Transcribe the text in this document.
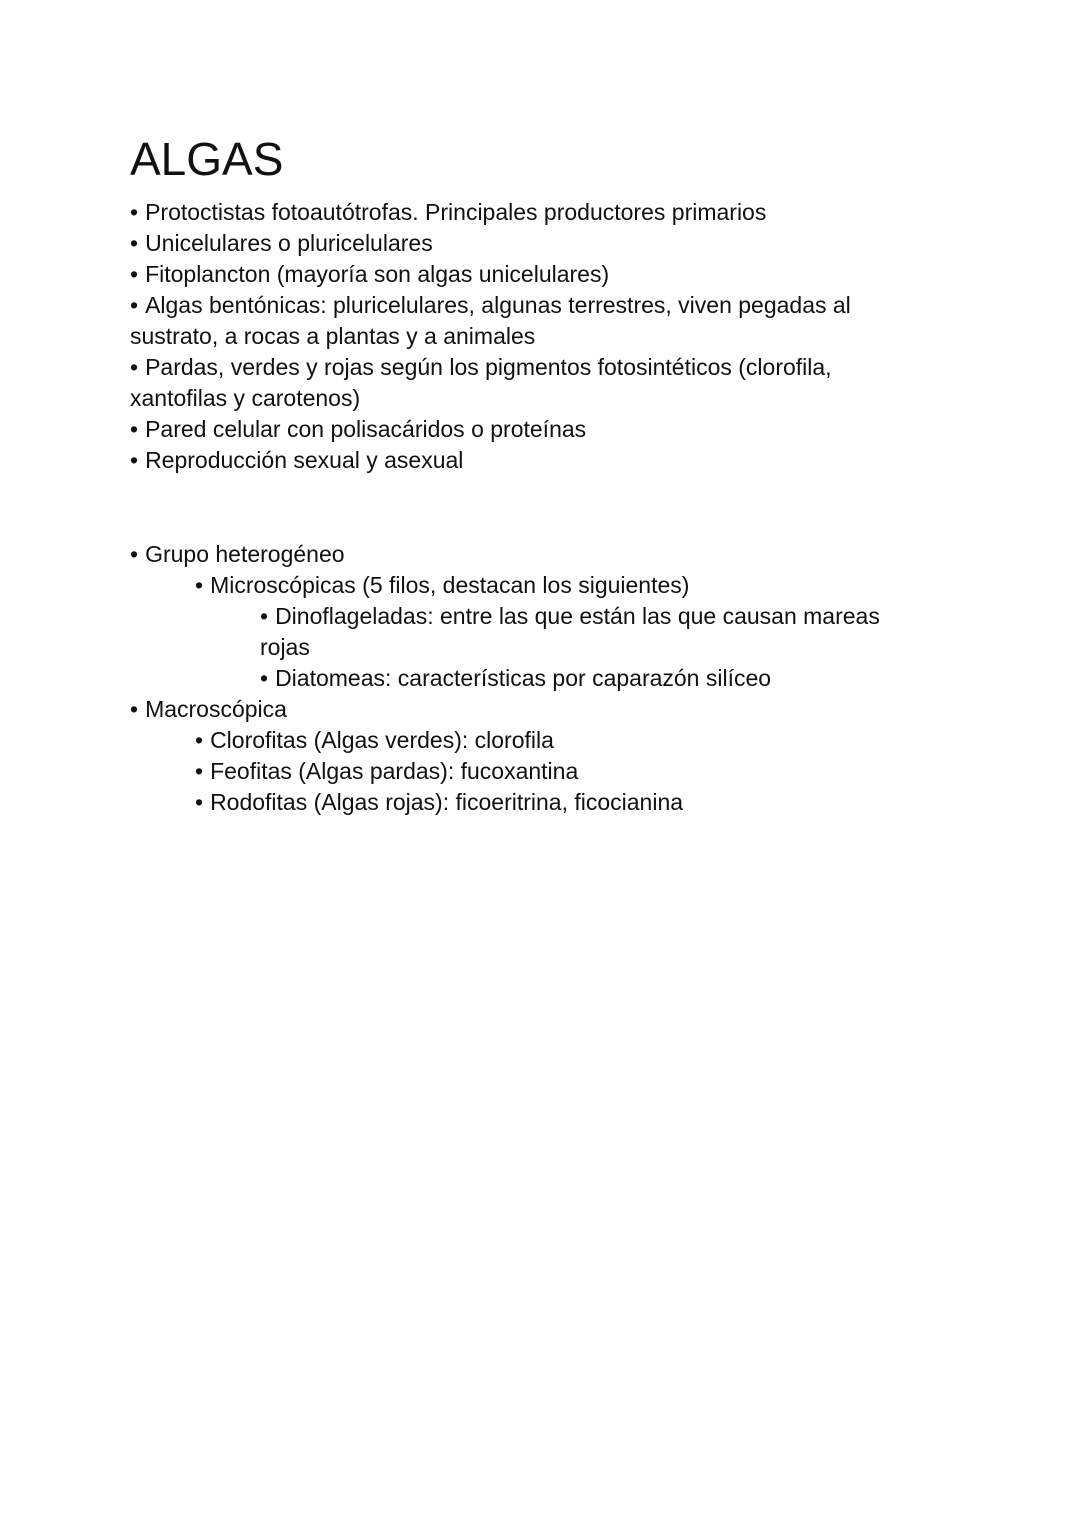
ALGAS
• Protoctistas fotoautótrofas. Principales productores primarios
• Unicelulares o pluricelulares
• Fitoplancton (mayoría son algas unicelulares)
• Algas bentónicas: pluricelulares, algunas terrestres, viven pegadas al sustrato, a rocas a plantas y a animales
• Pardas, verdes y rojas según los pigmentos fotosintéticos (clorofila, xantofilas y carotenos)
• Pared celular con polisacáridos o proteínas
• Reproducción sexual y asexual
• Grupo heterogéneo
• Microscópicas (5 filos, destacan los siguientes)
• Dinoflageladas: entre las que están las que causan mareas rojas
• Diatomeas: características por caparazón silíceo
• Macroscópica
• Clorofitas (Algas verdes): clorofila
• Feofitas (Algas pardas): fucoxantina
• Rodofitas (Algas rojas): ficoeritrina, ficocianina
